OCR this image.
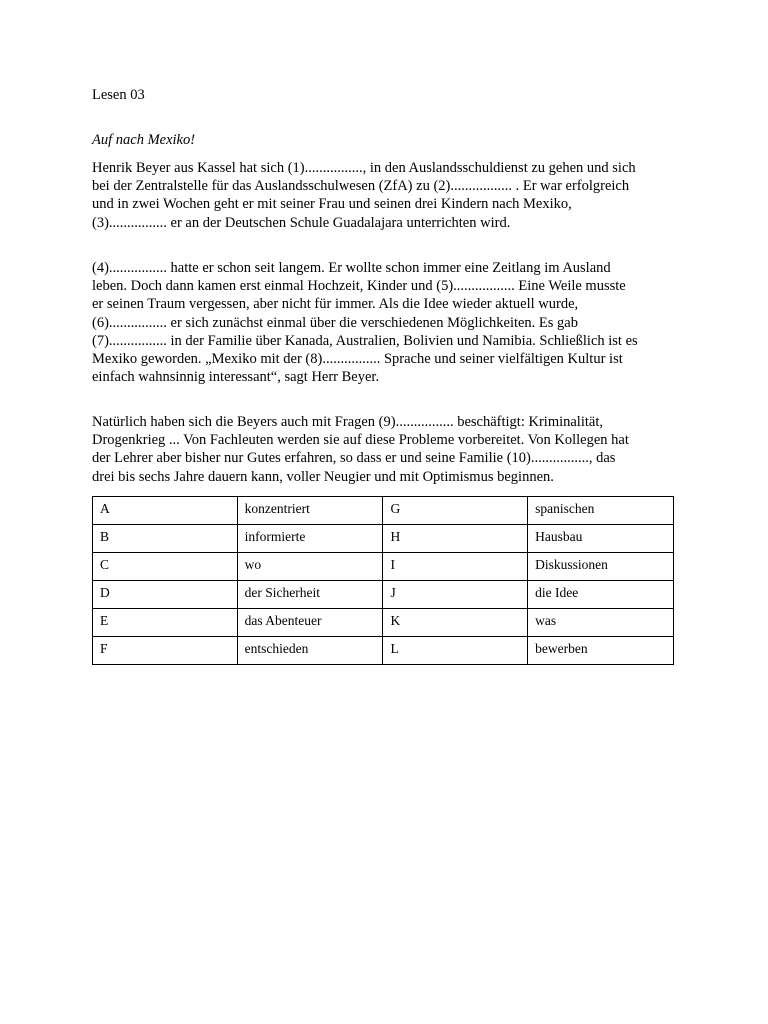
Lesen 03

Auf nach Mexiko!

Henrik Beyer aus Kassel hat sich (1)................, in den Auslandsschuldienst zu gehen und sich
bei der Zentralstelle für das Auslandsschulwesen (ZfA) zu (2)................. . Er war erfolgreich
und in zwei Wochen geht er mit seiner Frau und seinen drei Kindern nach Mexiko,
(3)................ er an der Deutschen Schule Guadalajara unterrichten wird.

(4)................ hatte er schon seit langem. Er wollte schon immer eine Zeitlang im Ausland
leben. Doch dann kamen erst einmal Hochzeit, Kinder und (5)................. Eine Weile musste
er seinen Traum vergessen, aber nicht für immer. Als die Idee wieder aktuell wurde,
(6)................ er sich zunächst einmal über die verschiedenen Möglichkeiten. Es gab
(7)................ in der Familie über Kanada, Australien, Bolivien und Namibia. Schließlich ist es
Mexiko geworden. „Mexiko mit der (8)................ Sprache und seiner vielfältigen Kultur ist
einfach wahnsinnig interessant“, sagt Herr Beyer.

Natürlich haben sich die Beyers auch mit Fragen (9)................ beschäftigt: Kriminalität,
Drogenkrieg ... Von Fachleuten werden sie auf diese Probleme vorbereitet. Von Kollegen hat
der Lehrer aber bisher nur Gutes erfahren, so dass er und seine Familie (10)................, das
drei bis sechs Jahre dauern kann, voller Neugier und mit Optimismus beginnen.

A	konzentriert	G	spanischen
B	informierte	H	Hausbau
C	wo	I	Diskussionen
D	der Sicherheit	J	die Idee
E	das Abenteuer	K	was
F	entschieden	L	bewerben
